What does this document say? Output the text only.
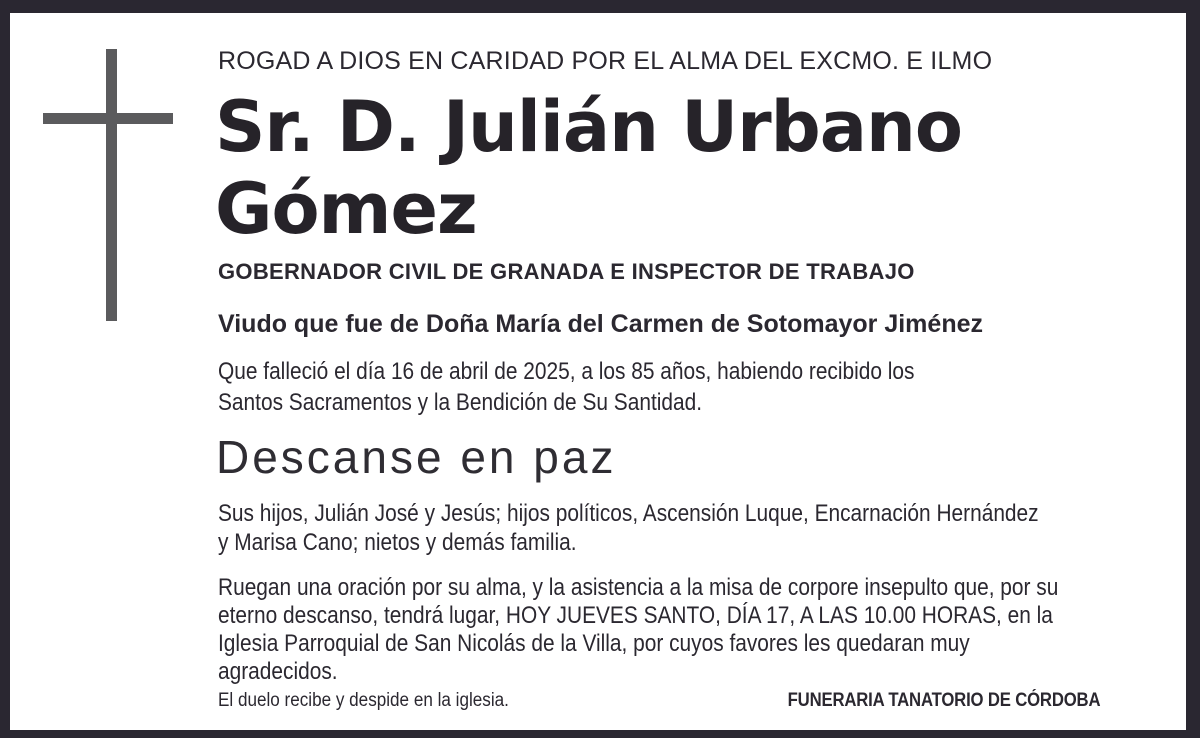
ROGAD A DIOS EN CARIDAD POR EL ALMA DEL EXCMO. E ILMO
Sr. D. Julián Urbano
Gómez
GOBERNADOR CIVIL DE GRANADA E INSPECTOR DE TRABAJO
Viudo que fue de Doña María del Carmen de Sotomayor Jiménez
Que falleció el día 16 de abril de 2025, a los 85 años, habiendo recibido los
Santos Sacramentos y la Bendición de Su Santidad.
Descanse en paz
Sus hijos, Julián José y Jesús; hijos políticos, Ascensión Luque, Encarnación Hernández
y Marisa Cano; nietos y demás familia.
Ruegan una oración por su alma, y la asistencia a la misa de corpore insepulto que, por su
eterno descanso, tendrá lugar, HOY JUEVES SANTO, DÍA 17, A LAS 10.00 HORAS, en la
Iglesia Parroquial de San Nicolás de la Villa, por cuyos favores les quedaran muy
agradecidos.
El duelo recibe y despide en la iglesia.	FUNERARIA TANATORIO DE CÓRDOBA
